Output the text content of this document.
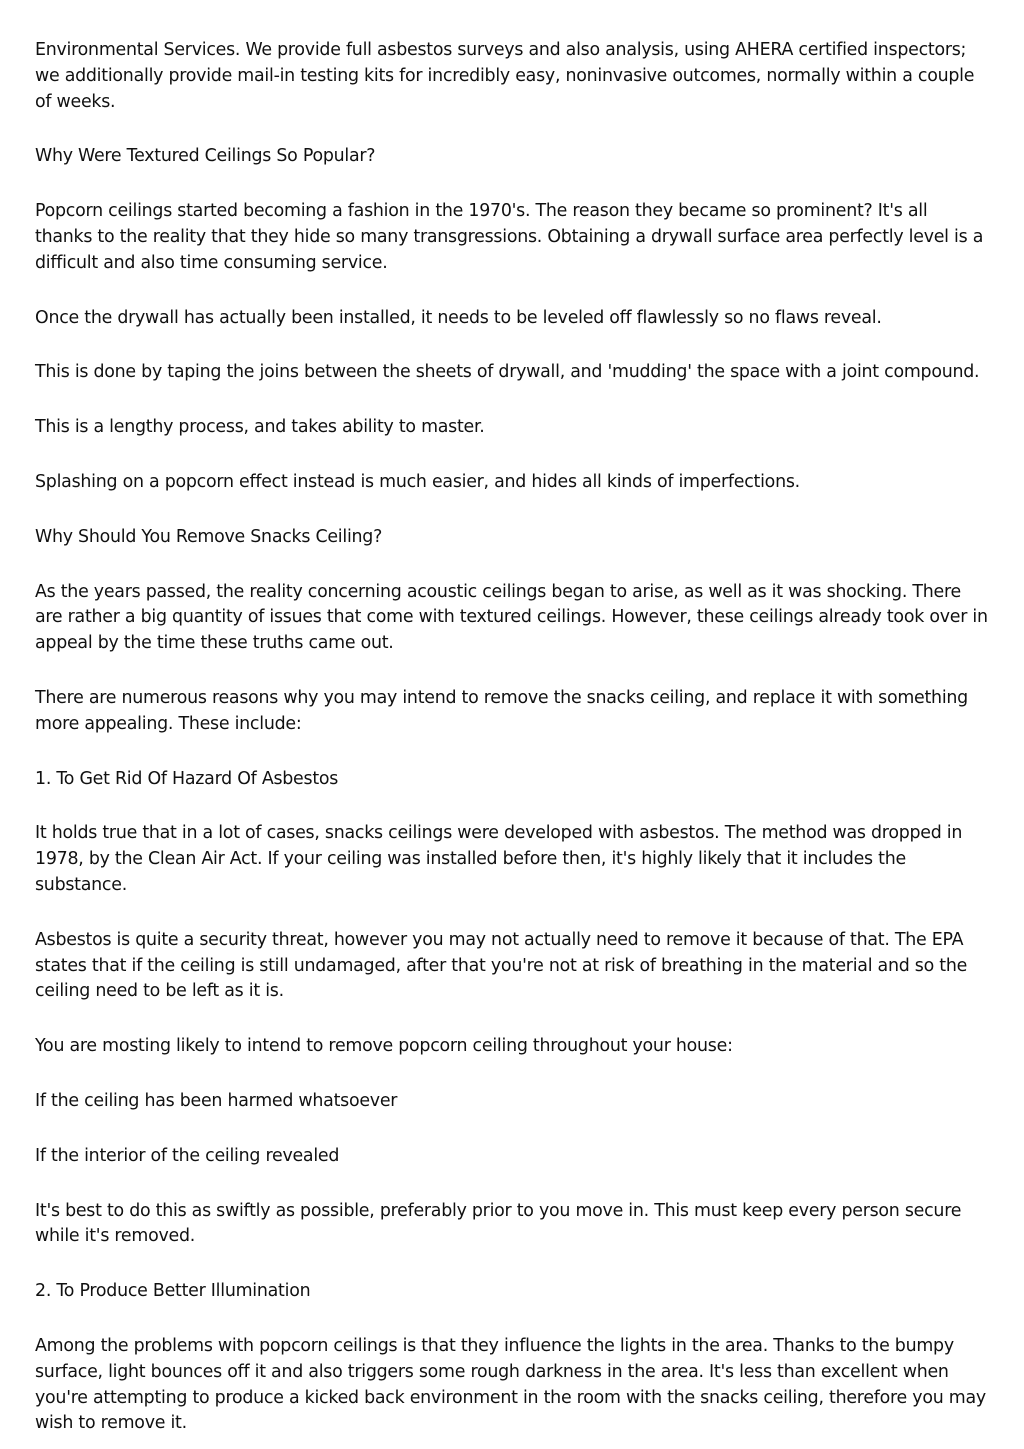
Environmental Services. We provide full asbestos surveys and also analysis, using AHERA certified inspectors; we additionally provide mail-in testing kits for incredibly easy, noninvasive outcomes, normally within a couple of weeks.

Why Were Textured Ceilings So Popular?

Popcorn ceilings started becoming a fashion in the 1970's. The reason they became so prominent? It's all thanks to the reality that they hide so many transgressions. Obtaining a drywall surface area perfectly level is a difficult and also time consuming service.

Once the drywall has actually been installed, it needs to be leveled off flawlessly so no flaws reveal.

This is done by taping the joins between the sheets of drywall, and 'mudding' the space with a joint compound.

This is a lengthy process, and takes ability to master.

Splashing on a popcorn effect instead is much easier, and hides all kinds of imperfections.

Why Should You Remove Snacks Ceiling?

As the years passed, the reality concerning acoustic ceilings began to arise, as well as it was shocking. There are rather a big quantity of issues that come with textured ceilings. However, these ceilings already took over in appeal by the time these truths came out.

There are numerous reasons why you may intend to remove the snacks ceiling, and replace it with something more appealing. These include:

1. To Get Rid Of Hazard Of Asbestos

It holds true that in a lot of cases, snacks ceilings were developed with asbestos. The method was dropped in 1978, by the Clean Air Act. If your ceiling was installed before then, it's highly likely that it includes the substance.

Asbestos is quite a security threat, however you may not actually need to remove it because of that. The EPA states that if the ceiling is still undamaged, after that you're not at risk of breathing in the material and so the ceiling need to be left as it is.

You are mosting likely to intend to remove popcorn ceiling throughout your house:

If the ceiling has been harmed whatsoever

If the interior of the ceiling revealed

It's best to do this as swiftly as possible, preferably prior to you move in. This must keep every person secure while it's removed.

2. To Produce Better Illumination

Among the problems with popcorn ceilings is that they influence the lights in the area. Thanks to the bumpy surface, light bounces off it and also triggers some rough darkness in the area. It's less than excellent when you're attempting to produce a kicked back environment in the room with the snacks ceiling, therefore you may wish to remove it.
